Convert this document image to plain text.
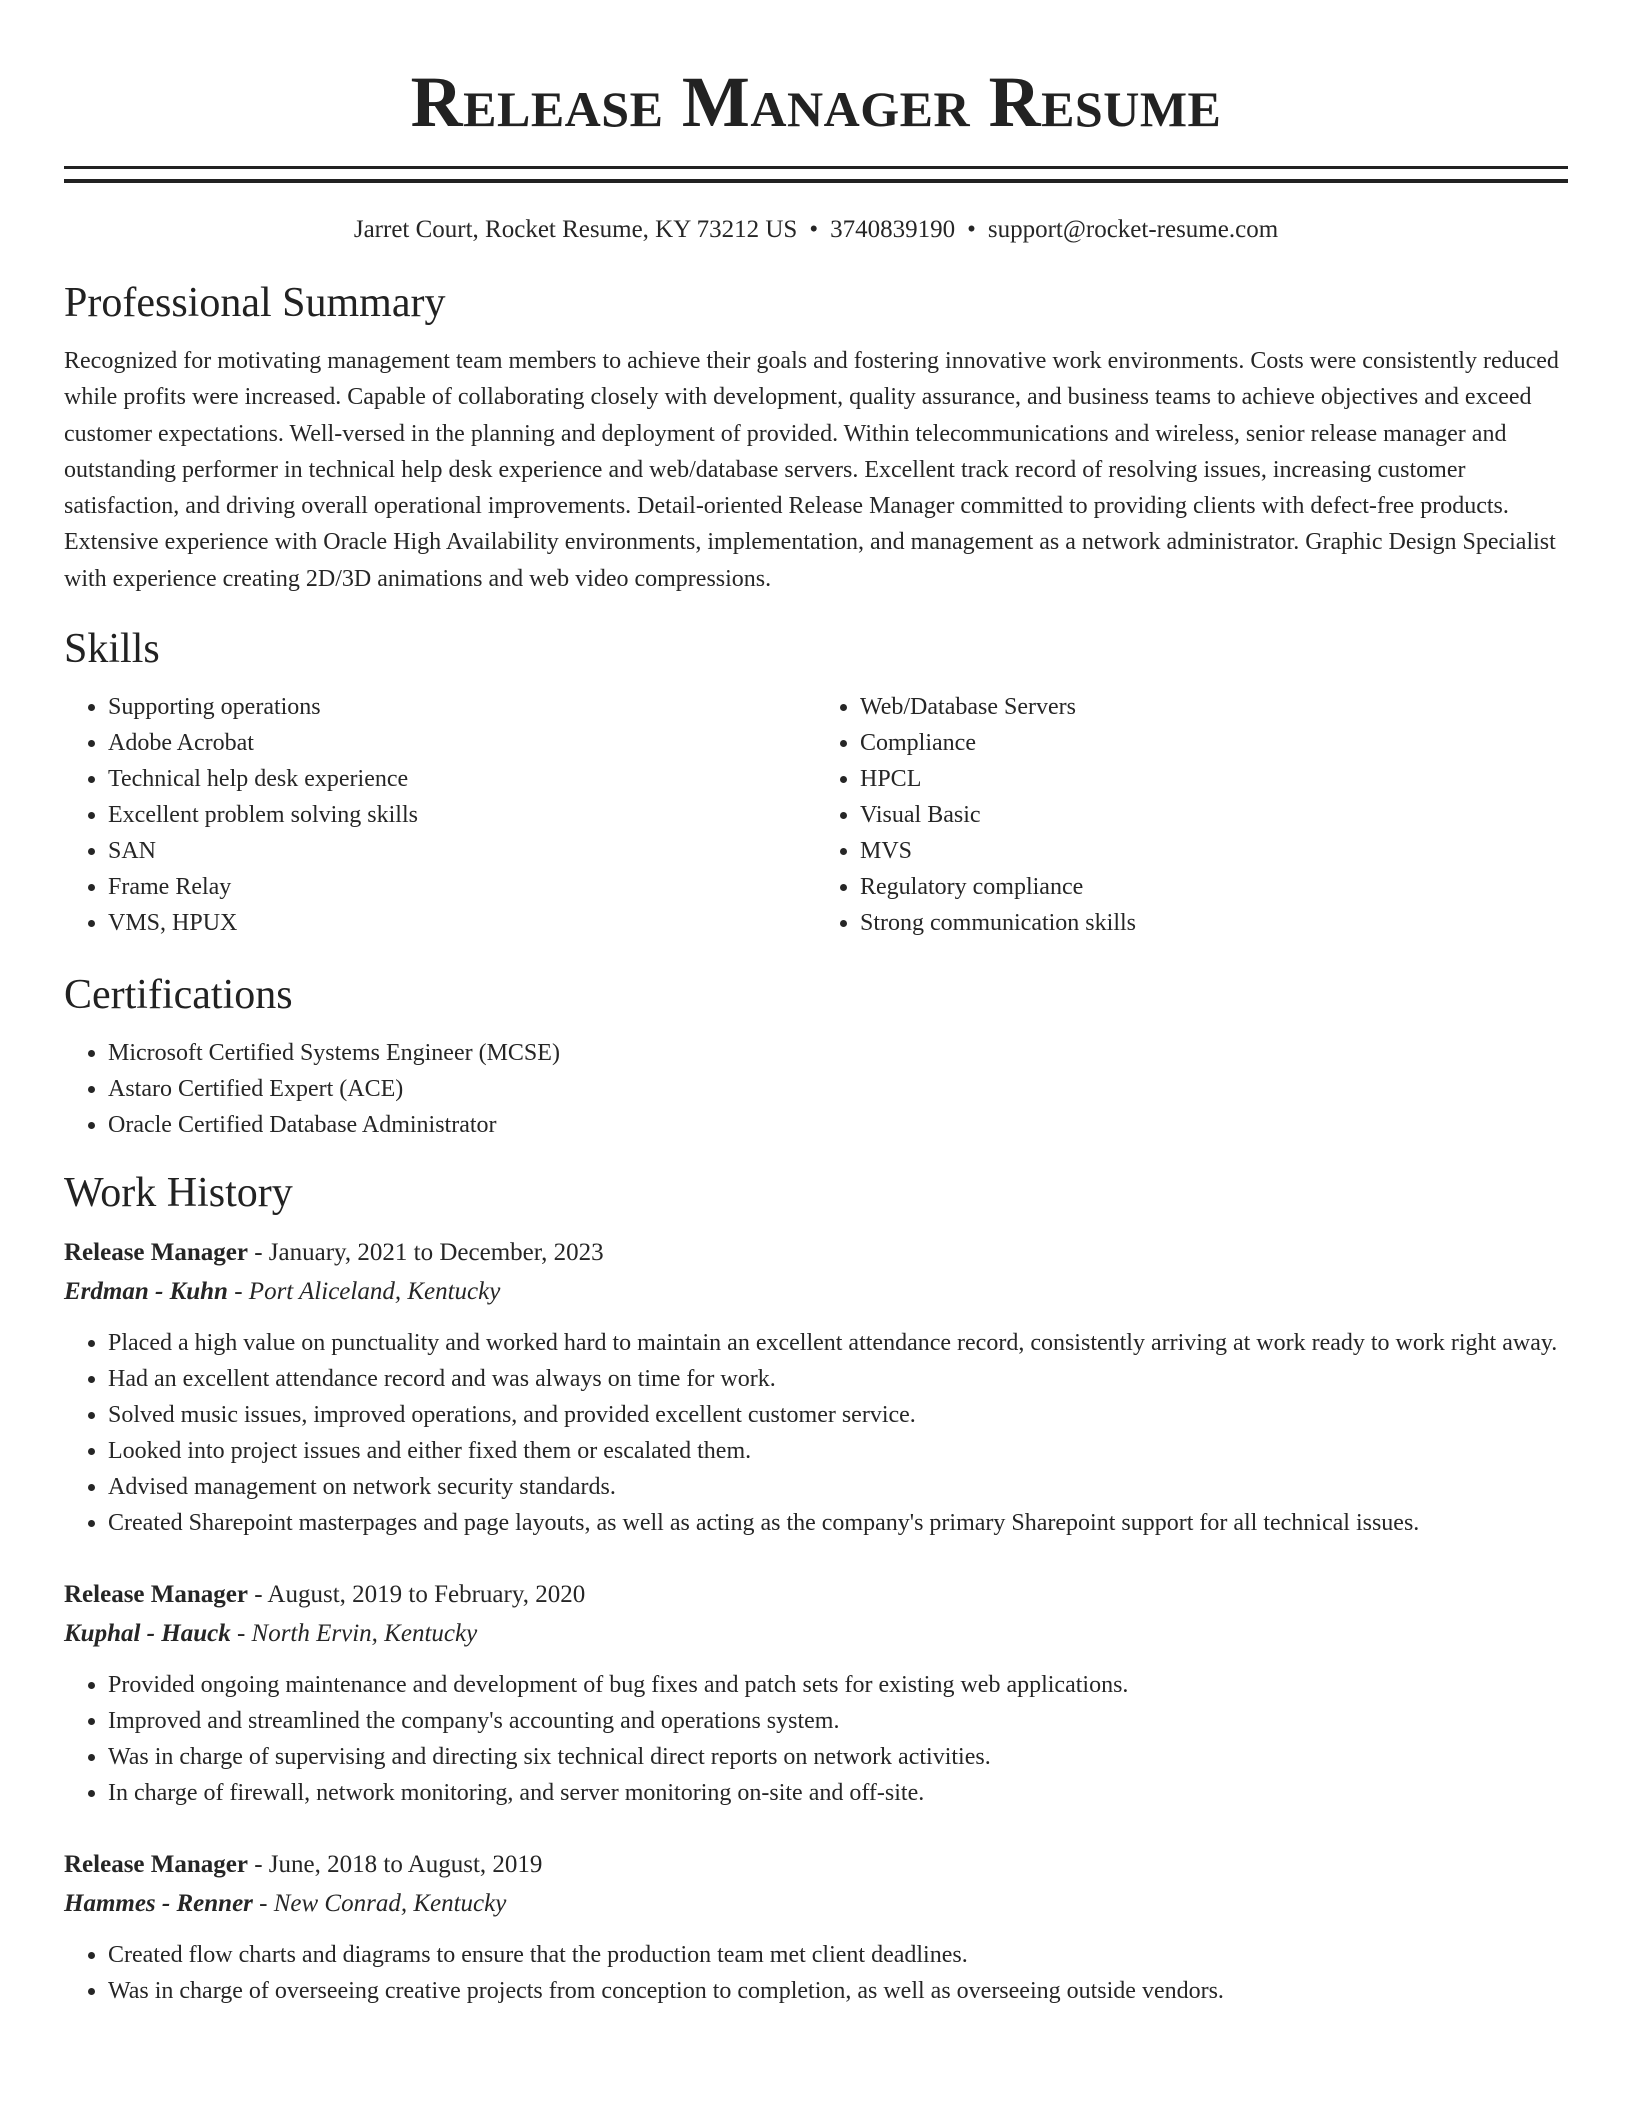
Release Manager Resume
Jarret Court, Rocket Resume, KY 73212 US • 3740839190 • support@rocket-resume.com
Professional Summary

Recognized for motivating management team members to achieve their goals and fostering innovative work environments. Costs were consistently reduced while profits were increased. Capable of collaborating closely with development, quality assurance, and business teams to achieve objectives and exceed customer expectations. Well-versed in the planning and deployment of provided. Within telecommunications and wireless, senior release manager and outstanding performer in technical help desk experience and web/database servers. Excellent track record of resolving issues, increasing customer satisfaction, and driving overall operational improvements. Detail-oriented Release Manager committed to providing clients with defect-free products. Extensive experience with Oracle High Availability environments, implementation, and management as a network administrator. Graphic Design Specialist with experience creating 2D/3D animations and web video compressions.

Skills
• Supporting operations
• Adobe Acrobat
• Technical help desk experience
• Excellent problem solving skills
• SAN
• Frame Relay
• VMS, HPUX
• Web/Database Servers
• Compliance
• HPCL
• Visual Basic
• MVS
• Regulatory compliance
• Strong communication skills
Certifications
• Microsoft Certified Systems Engineer (MCSE)
• Astaro Certified Expert (ACE)
• Oracle Certified Database Administrator
Work History
Release Manager - January, 2021 to December, 2023
Erdman - Kuhn - Port Aliceland, Kentucky
• Placed a high value on punctuality and worked hard to maintain an excellent attendance record, consistently arriving at work ready to work right away.
• Had an excellent attendance record and was always on time for work.
• Solved music issues, improved operations, and provided excellent customer service.
• Looked into project issues and either fixed them or escalated them.
• Advised management on network security standards.
• Created Sharepoint masterpages and page layouts, as well as acting as the company's primary Sharepoint support for all technical issues.
Release Manager - August, 2019 to February, 2020
Kuphal - Hauck - North Ervin, Kentucky
• Provided ongoing maintenance and development of bug fixes and patch sets for existing web applications.
• Improved and streamlined the company's accounting and operations system.
• Was in charge of supervising and directing six technical direct reports on network activities.
• In charge of firewall, network monitoring, and server monitoring on-site and off-site.
Release Manager - June, 2018 to August, 2019
Hammes - Renner - New Conrad, Kentucky
• Created flow charts and diagrams to ensure that the production team met client deadlines.
• Was in charge of overseeing creative projects from conception to completion, as well as overseeing outside vendors.
